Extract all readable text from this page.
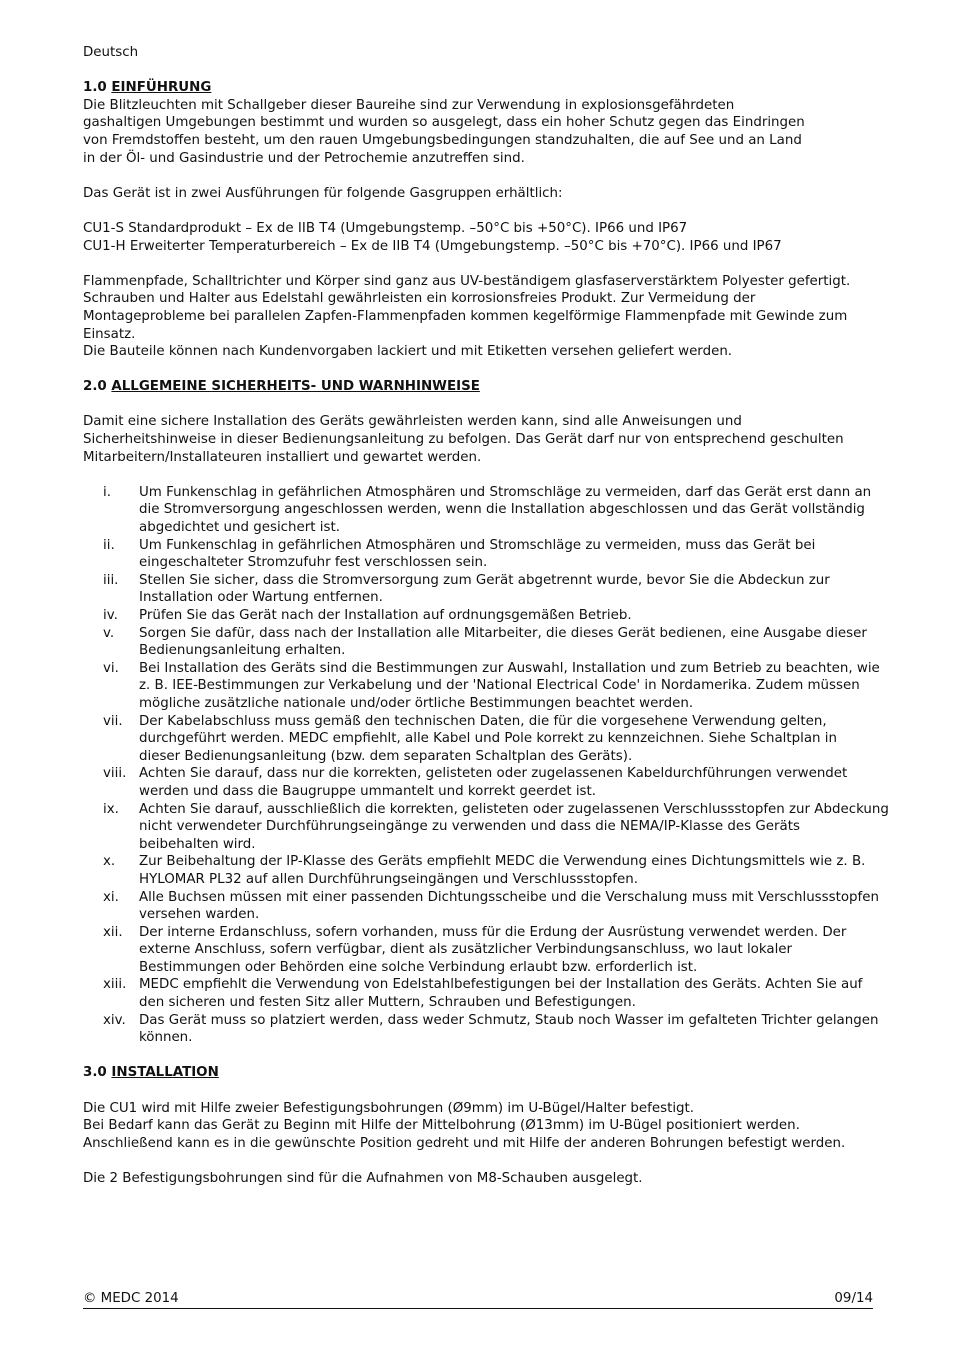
Deutsch

1.0 EINFÜHRUNG

Die Blitzleuchten mit Schallgeber dieser Baureihe sind zur Verwendung in explosionsgefährdeten

gashaltigen Umgebungen bestimmt und wurden so ausgelegt, dass ein hoher Schutz gegen das Eindringen

von Fremdstoffen besteht, um den rauen Umgebungsbedingungen standzuhalten, die auf See und an Land

in der Öl- und Gasindustrie und der Petrochemie anzutreffen sind.

Das Gerät ist in zwei Ausführungen für folgende Gasgruppen erhältlich:

CU1-S Standardprodukt – Ex de IIB T4 (Umgebungstemp. –50°C bis +50°C). IP66 und IP67

CU1-H Erweiterter Temperaturbereich – Ex de IIB T4 (Umgebungstemp. –50°C bis +70°C). IP66 und IP67

Flammenpfade, Schalltrichter und Körper sind ganz aus UV-beständigem glasfaserverstärktem Polyester gefertigt.

Schrauben und Halter aus Edelstahl gewährleisten ein korrosionsfreies Produkt. Zur Vermeidung der

Montageprobleme bei parallelen Zapfen-Flammenpfaden kommen kegelförmige Flammenpfade mit Gewinde zum

Einsatz.

Die Bauteile können nach Kundenvorgaben lackiert und mit Etiketten versehen geliefert werden.

2.0 ALLGEMEINE SICHERHEITS- UND WARNHINWEISE

Damit eine sichere Installation des Geräts gewährleisten werden kann, sind alle Anweisungen und

Sicherheitshinweise in dieser Bedienungsanleitung zu befolgen. Das Gerät darf nur von entsprechend geschulten

Mitarbeitern/Installateuren installiert und gewartet werden.

i. Um Funkenschlag in gefährlichen Atmosphären und Stromschläge zu vermeiden, darf das Gerät erst dann an
die Stromversorgung angeschlossen werden, wenn die Installation abgeschlossen und das Gerät vollständig
abgedichtet und gesichert ist.
ii. Um Funkenschlag in gefährlichen Atmosphären und Stromschläge zu vermeiden, muss das Gerät bei
eingeschalteter Stromzufuhr fest verschlossen sein.
iii. Stellen Sie sicher, dass die Stromversorgung zum Gerät abgetrennt wurde, bevor Sie die Abdeckun zur
Installation oder Wartung entfernen.
iv. Prüfen Sie das Gerät nach der Installation auf ordnungsgemäßen Betrieb.
v. Sorgen Sie dafür, dass nach der Installation alle Mitarbeiter, die dieses Gerät bedienen, eine Ausgabe dieser
Bedienungsanleitung erhalten.
vi. Bei Installation des Geräts sind die Bestimmungen zur Auswahl, Installation und zum Betrieb zu beachten, wie
z. B. IEE-Bestimmungen zur Verkabelung und der 'National Electrical Code' in Nordamerika. Zudem müssen
mögliche zusätzliche nationale und/oder örtliche Bestimmungen beachtet werden.
vii. Der Kabelabschluss muss gemäß den technischen Daten, die für die vorgesehene Verwendung gelten,
durchgeführt werden. MEDC empfiehlt, alle Kabel und Pole korrekt zu kennzeichnen. Siehe Schaltplan in
dieser Bedienungsanleitung (bzw. dem separaten Schaltplan des Geräts).
viii. Achten Sie darauf, dass nur die korrekten, gelisteten oder zugelassenen Kabeldurchführungen verwendet
werden und dass die Baugruppe ummantelt und korrekt geerdet ist.
ix. Achten Sie darauf, ausschließlich die korrekten, gelisteten oder zugelassenen Verschlussstopfen zur Abdeckung
nicht verwendeter Durchführungseingänge zu verwenden und dass die NEMA/IP-Klasse des Geräts
beibehalten wird.
x. Zur Beibehaltung der IP-Klasse des Geräts empfiehlt MEDC die Verwendung eines Dichtungsmittels wie z. B.
HYLOMAR PL32 auf allen Durchführungseingängen und Verschlussstopfen.
xi. Alle Buchsen müssen mit einer passenden Dichtungsscheibe und die Verschalung muss mit Verschlussstopfen
versehen warden.
xii. Der interne Erdanschluss, sofern vorhanden, muss für die Erdung der Ausrüstung verwendet werden. Der
externe Anschluss, sofern verfügbar, dient als zusätzlicher Verbindungsanschluss, wo laut lokaler
Bestimmungen oder Behörden eine solche Verbindung erlaubt bzw. erforderlich ist.
xiii. MEDC empfiehlt die Verwendung von Edelstahlbefestigungen bei der Installation des Geräts. Achten Sie auf
den sicheren und festen Sitz aller Muttern, Schrauben und Befestigungen.
xiv. Das Gerät muss so platziert werden, dass weder Schmutz, Staub noch Wasser im gefalteten Trichter gelangen
können.

3.0 INSTALLATION

Die CU1 wird mit Hilfe zweier Befestigungsbohrungen (Ø9mm) im U-Bügel/Halter befestigt.

Bei Bedarf kann das Gerät zu Beginn mit Hilfe der Mittelbohrung (Ø13mm) im U-Bügel positioniert werden.

Anschließend kann es in die gewünschte Position gedreht und mit Hilfe der anderen Bohrungen befestigt werden.

Die 2 Befestigungsbohrungen sind für die Aufnahmen von M8-Schauben ausgelegt.

© MEDC 2014	09/14
